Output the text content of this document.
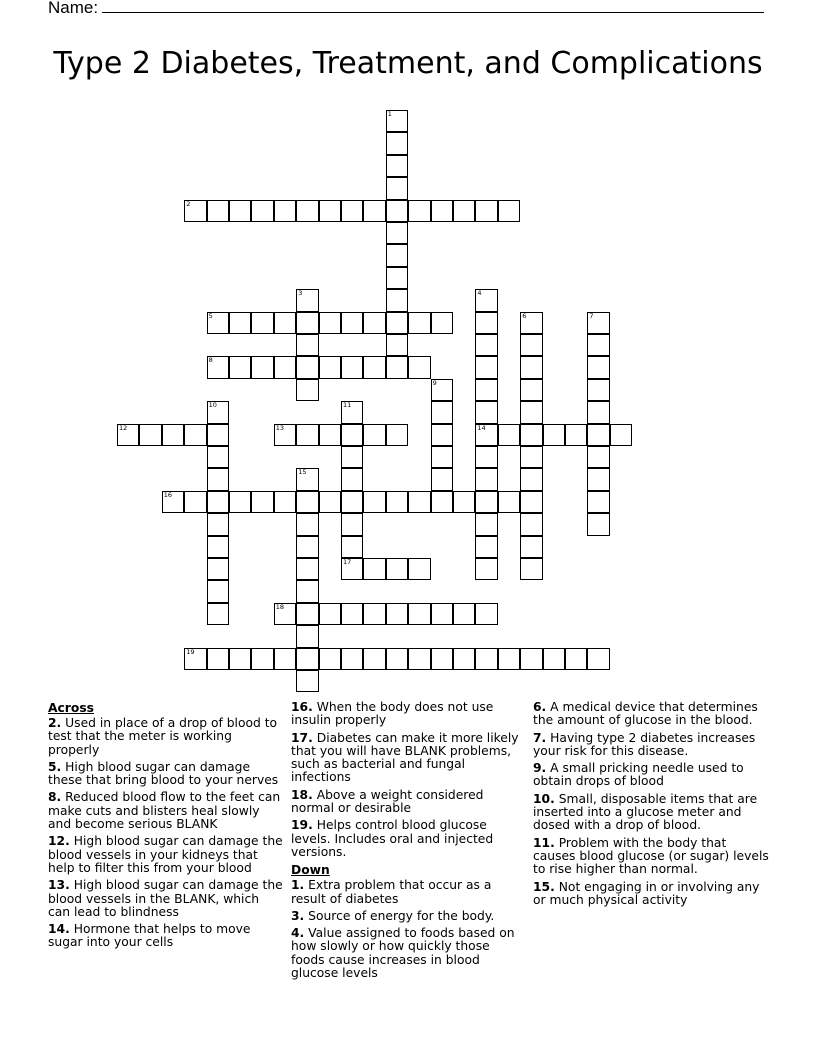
Name:
Type 2 Diabetes, Treatment, and Complications
1
2
3	4
14
5	6	7
8
9
10	11
17
12	13
15
16
18
19
Across
2. Used in place of a drop of blood to test that the meter is working properly
5. High blood sugar can damage these that bring blood to your nerves
8. Reduced blood flow to the feet can make cuts and blisters heal slowly and become serious BLANK
12. High blood sugar can damage the blood vessels in your kidneys that help to filter this from your blood
13. High blood sugar can damage the blood vessels in the BLANK, which can lead to blindness
14. Hormone that helps to move sugar into your cells
16. When the body does not use insulin properly
17. Diabetes can make it more likely that you will have BLANK problems, such as bacterial and fungal infections
18. Above a weight considered normal or desirable
19. Helps control blood glucose levels. Includes oral and injected versions.
Down
1. Extra problem that occur as a result of diabetes
3. Source of energy for the body.
4. Value assigned to foods based on how slowly or how quickly those foods cause increases in blood glucose levels
6. A medical device that determines the amount of glucose in the blood.
7. Having type 2 diabetes increases your risk for this disease.
9. A small pricking needle used to obtain drops of blood
10. Small, disposable items that are inserted into a glucose meter and dosed with a drop of blood.
11. Problem with the body that causes blood glucose (or sugar) levels to rise higher than normal.
15. Not engaging in or involving any or much physical activity
